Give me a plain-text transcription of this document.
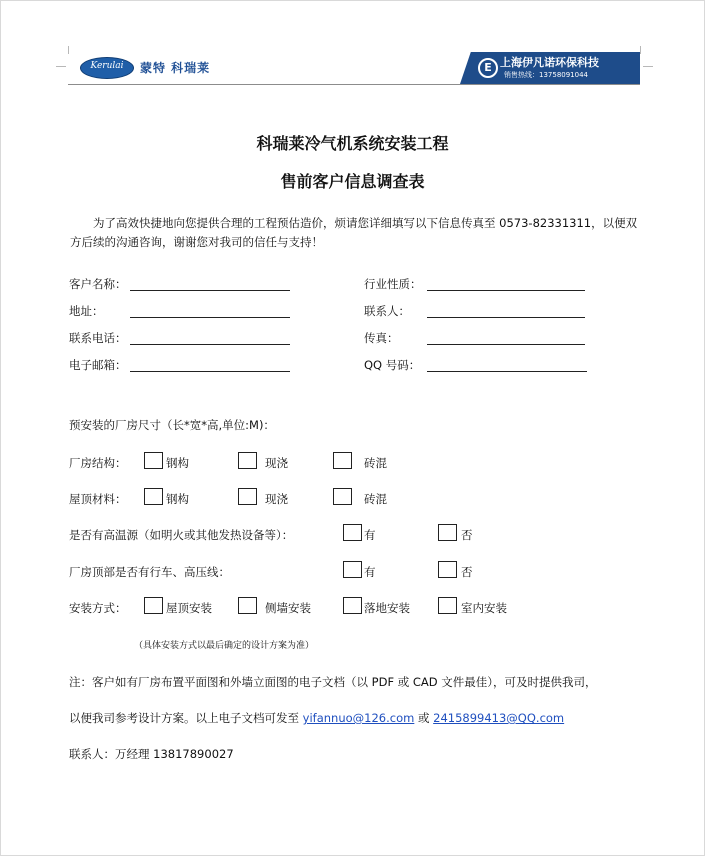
Kerulai	蒙特 科瑞莱	E 上海伊凡诺环保科技
销售热线：13758091044
科瑞莱冷气机系统安装工程
售前客户信息调查表
为了高效快捷地向您提供合理的工程预估造价，烦请您详细填写以下信息传真至 0573-82331311，以便双方后续的沟通咨询，谢谢您对我司的信任与支持！
客户名称：	行业性质：
地址：	联系人：
联系电话：	传真：
电子邮箱：	QQ 号码：
预安装的厂房尺寸（长*宽*高,单位:M)：
厂房结构：	钢构	现浇	砖混
屋顶材料：	钢构	现浇	砖混
是否有高温源（如明火或其他发热设备等）：	有	否
厂房顶部是否有行车、高压线：	有	否
安装方式：	屋顶安装	侧墙安装	落地安装	室内安装
（具体安装方式以最后确定的设计方案为准）
注：客户如有厂房布置平面图和外墙立面图的电子文档（以 PDF 或 CAD 文件最佳），可及时提供我司，
以便我司参考设计方案。以上电子文档可发至 yifannuo@126.com 或 2415899413@QQ.com
联系人：万经理 13817890027
